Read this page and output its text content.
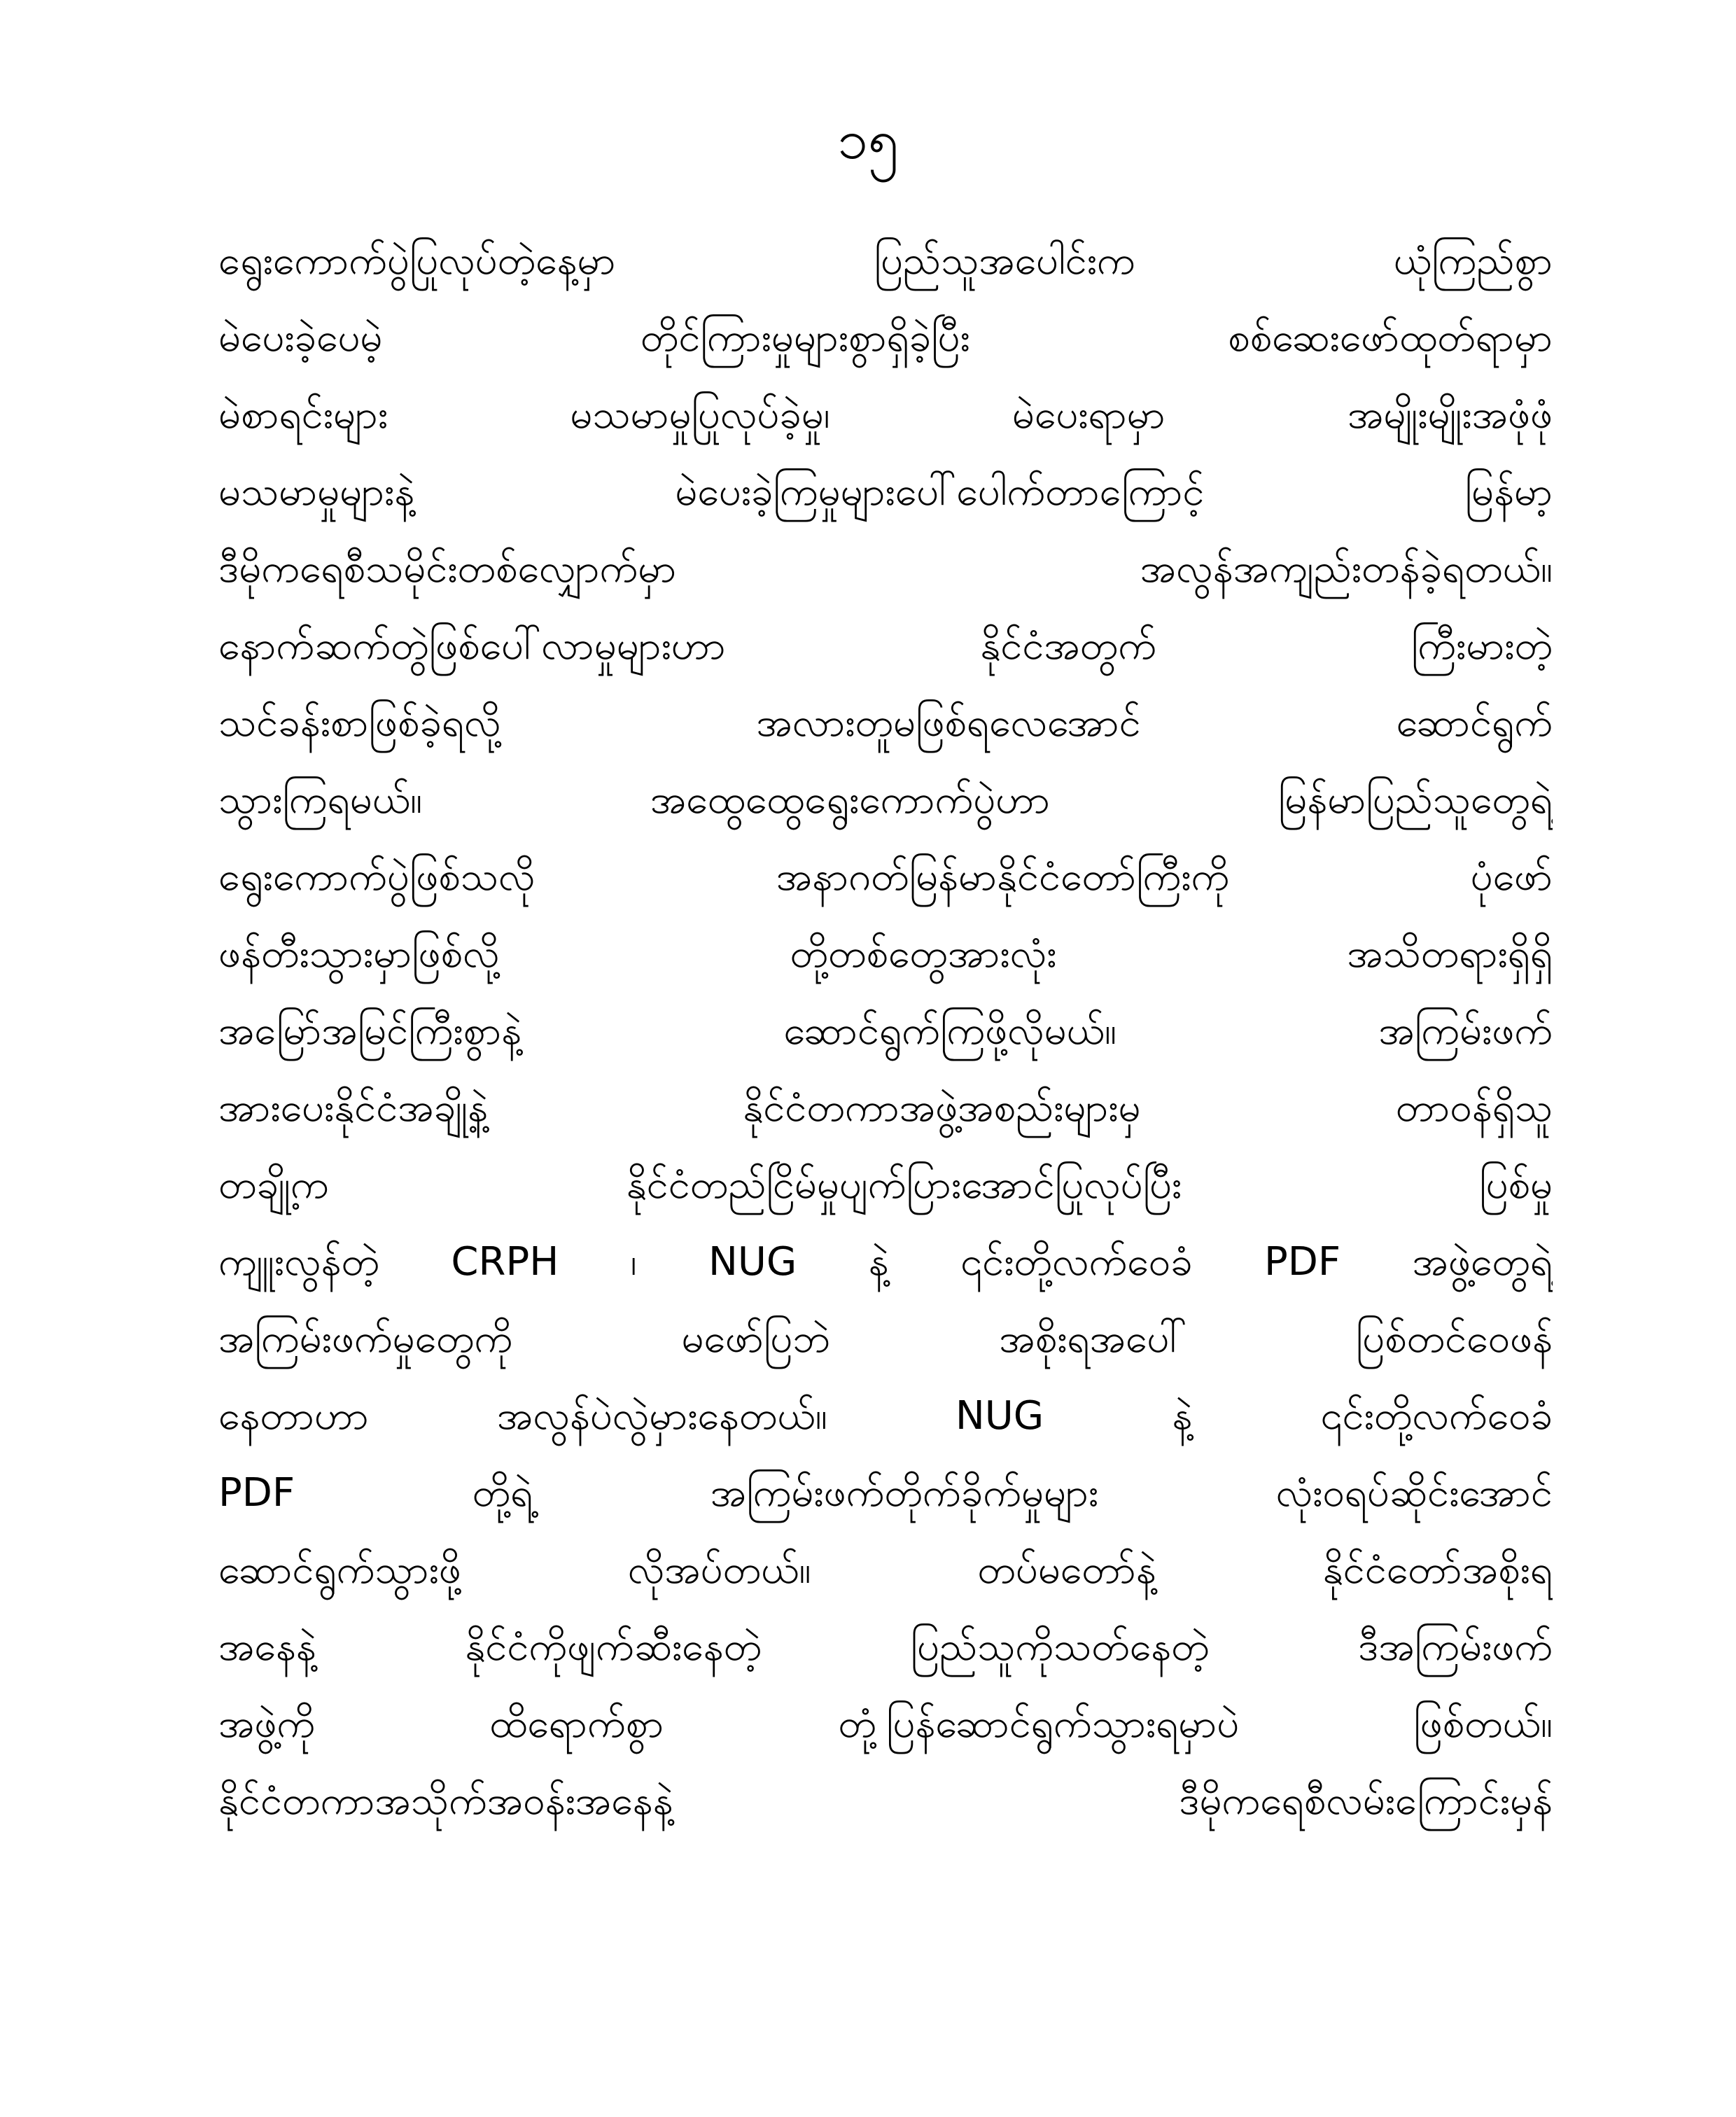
၁၅
ရွေးကောက်ပွဲပြုလုပ်တဲ့နေ့မှာ ပြည်သူအပေါင်းက ယုံကြည်စွာ
မဲပေးခဲ့ပေမဲ့ တိုင်ကြားမှုများစွာရှိခဲ့ပြီး စစ်ဆေးဖော်ထုတ်ရာမှာ
မဲစာရင်းများ မသမာမှုပြုလုပ်ခဲ့မှု၊ မဲပေးရာမှာ အမျိုးမျိုးအဖုံဖုံ
မသမာမှုများနဲ့ မဲပေးခဲ့ကြမှုများပေါ်ပေါက်တာကြောင့် မြန်မာ့
ဒီမိုကရေစီသမိုင်းတစ်လျှောက်မှာ အလွန်အကျည်းတန်ခဲ့ရတယ်။
နောက်ဆက်တွဲဖြစ်ပေါ်လာမှုများဟာ နိုင်ငံအတွက် ကြီးမားတဲ့
သင်ခန်းစာဖြစ်ခဲ့ရလို့ အလားတူမဖြစ်ရလေအောင် ဆောင်ရွက်
သွားကြရမယ်။ အထွေထွေရွေးကောက်ပွဲဟာ မြန်မာပြည်သူတွေရဲ့
ရွေးကောက်ပွဲဖြစ်သလို အနာဂတ်မြန်မာနိုင်ငံတော်ကြီးကို ပုံဖော်
ဖန်တီးသွားမှာဖြစ်လို့ တို့တစ်တွေအားလုံး အသိတရားရှိရှိ
အမြော်အမြင်ကြီးစွာနဲ့ ဆောင်ရွက်ကြဖို့လိုမယ်။ အကြမ်းဖက်
အားပေးနိုင်ငံအချို့နဲ့ နိုင်ငံတကာအဖွဲ့အစည်းများမှ တာဝန်ရှိသူ
တချို့က နိုင်ငံတည်ငြိမ်မှုပျက်ပြားအောင်ပြုလုပ်ပြီး ပြစ်မှု
ကျူးလွန်တဲ့ CRPH ၊ NUG နဲ့ ၎င်းတို့လက်ဝေခံ PDF အဖွဲ့တွေရဲ့
အကြမ်းဖက်မှုတွေကို မဖော်ပြဘဲ အစိုးရအပေါ် ပြစ်တင်ဝေဖန်
နေတာဟာ အလွန်ပဲလွဲမှားနေတယ်။ NUG နဲ့ ၎င်းတို့လက်ဝေခံ
PDF တို့ရဲ့ အကြမ်းဖက်တိုက်ခိုက်မှုများ လုံးဝရပ်ဆိုင်းအောင်
ဆောင်ရွက်သွားဖို့ လိုအပ်တယ်။ တပ်မတော်နဲ့ နိုင်ငံတော်အစိုးရ
အနေနဲ့ နိုင်ငံကိုဖျက်ဆီးနေတဲ့ ပြည်သူကိုသတ်နေတဲ့ ဒီအကြမ်းဖက်
အဖွဲ့ကို ထိရောက်စွာ တုံ့ပြန်ဆောင်ရွက်သွားရမှာပဲ ဖြစ်တယ်။
နိုင်ငံတကာအသိုက်အဝန်းအနေနဲ့ ဒီမိုကရေစီလမ်းကြောင်းမှန်
